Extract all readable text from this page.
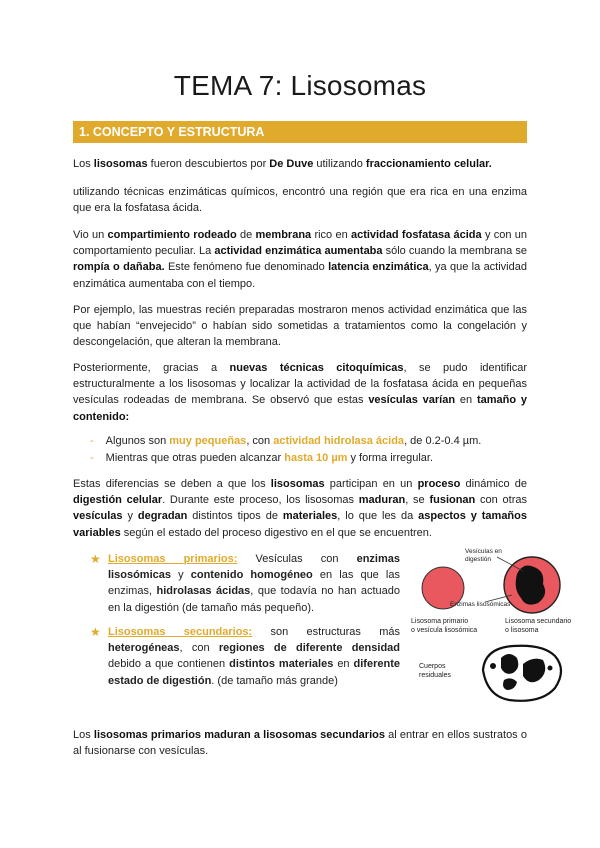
TEMA 7: Lisosomas
1. CONCEPTO Y ESTRUCTURA

Los lisosomas fueron descubiertos por De Duve utilizando fraccionamiento celular.

utilizando técnicas enzimáticas químicos, encontró una región que era rica en una enzima que era la fosfatasa ácida.

Vio un compartimiento rodeado de membrana rico en actividad fosfatasa ácida y con un comportamiento peculiar. La actividad enzimática aumentaba sólo cuando la membrana se rompía o dañaba. Este fenómeno fue denominado latencia enzimática, ya que la actividad enzimática aumentaba con el tiempo.

Por ejemplo, las muestras recién preparadas mostraron menos actividad enzimática que las que habían “envejecido” o habían sido sometidas a tratamientos como la congelación y descongelación, que alteran la membrana.

Posteriormente, gracias a nuevas técnicas citoquímicas, se pudo identificar estructuralmente a los lisosomas y localizar la actividad de la fosfatasa ácida en pequeñas vesículas rodeadas de membrana. Se observó que estas vesículas varían en tamaño y contenido:

- Algunos son muy pequeñas, con actividad hidrolasa ácida, de 0.2-0.4 µm.

- Mientras que otras pueden alcanzar hasta 10 µm y forma irregular.

Estas diferencias se deben a que los lisosomas participan en un proceso dinámico de digestión celular. Durante este proceso, los lisosomas maduran, se fusionan con otras vesículas y degradan distintos tipos de materiales, lo que les da aspectos y tamaños variables según el estado del proceso digestivo en el que se encuentren.

★ Lisosomas primarios: Vesículas con enzimas lisosómicas y contenido homogéneo en las que las enzimas, hidrolasas ácidas, que todavía no han actuado en la digestión (de tamaño más pequeño).

★ Lisosomas secundarios: son estructuras más heterogéneas, con regiones de diferente densidad debido a que contienen distintos materiales en diferente estado de digestión. (de tamaño más grande)

Vesículas en
digestión
Enzimas lisosómicas
Lisosoma primario
o vesícula lisosómica
Lisosoma secundario
o lisosoma
Cuerpos
residuales

Los lisosomas primarios maduran a lisosomas secundarios al entrar en ellos sustratos o al fusionarse con vesículas.
